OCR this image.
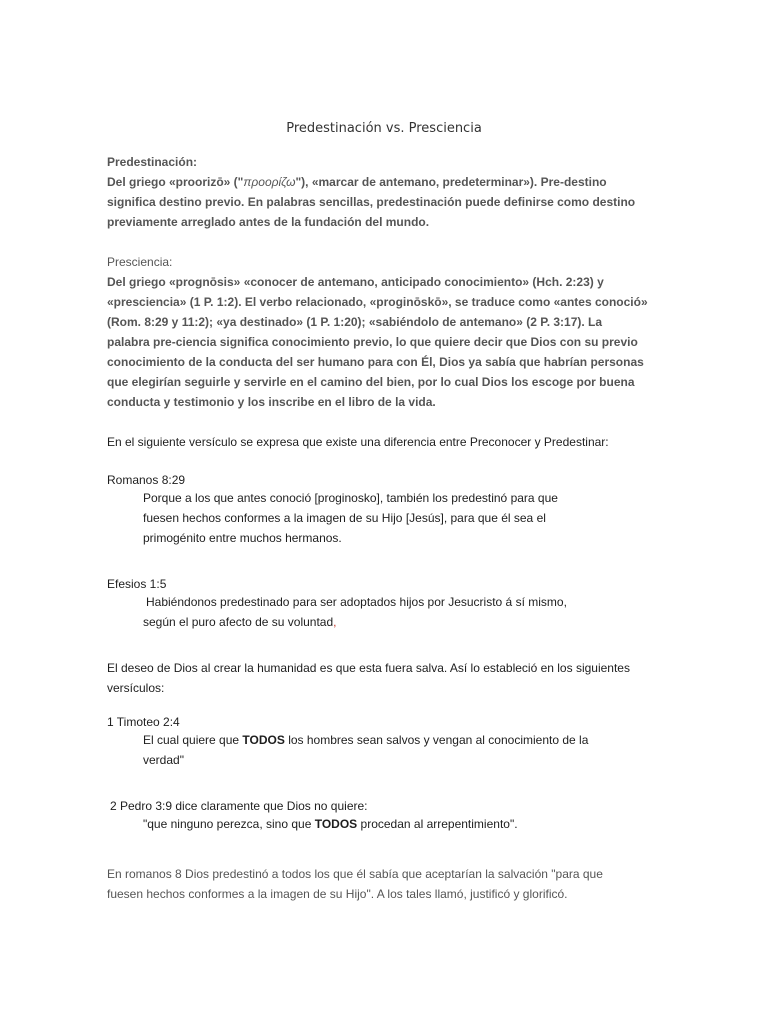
Predestinación vs. Presciencia
Predestinación:
Del griego «proorizō» ("προορίζω"), «marcar de antemano, predeterminar»). Pre-destino
significa destino previo. En palabras sencillas, predestinación puede definirse como destino
previamente arreglado antes de la fundación del mundo.
Presciencia:
Del griego «prognōsis» «conocer de antemano, anticipado conocimiento» (Hch. 2:23) y
«presciencia» (1 P. 1:2). El verbo relacionado, «proginōskō», se traduce como «antes conoció»
(Rom. 8:29 y 11:2); «ya destinado» (1 P. 1:20); «sabiéndolo de antemano» (2 P. 3:17). La
palabra pre-ciencia significa conocimiento previo, lo que quiere decir que Dios con su previo
conocimiento de la conducta del ser humano para con Él, Dios ya sabía que habrían personas
que elegirían seguirle y servirle en el camino del bien, por lo cual Dios los escoge por buena
conducta y testimonio y los inscribe en el libro de la vida.
En el siguiente versículo se expresa que existe una diferencia entre Preconocer y Predestinar:
Romanos 8:29
Porque a los que antes conoció [proginosko], también los predestinó para que
fuesen hechos conformes a la imagen de su Hijo [Jesús], para que él sea el
primogénito entre muchos hermanos.
Efesios 1:5
Habiéndonos predestinado para ser adoptados hijos por Jesucristo á sí mismo,
según el puro afecto de su voluntad,
El deseo de Dios al crear la humanidad es que esta fuera salva. Así lo estableció en los siguientes
versículos:
1 Timoteo 2:4
El cual quiere que TODOS los hombres sean salvos y vengan al conocimiento de la
verdad"
2 Pedro 3:9 dice claramente que Dios no quiere:
"que ninguno perezca, sino que TODOS procedan al arrepentimiento".
En romanos 8 Dios predestinó a todos los que él sabía que aceptarían la salvación "para que
fuesen hechos conformes a la imagen de su Hijo". A los tales llamó, justificó y glorificó.
